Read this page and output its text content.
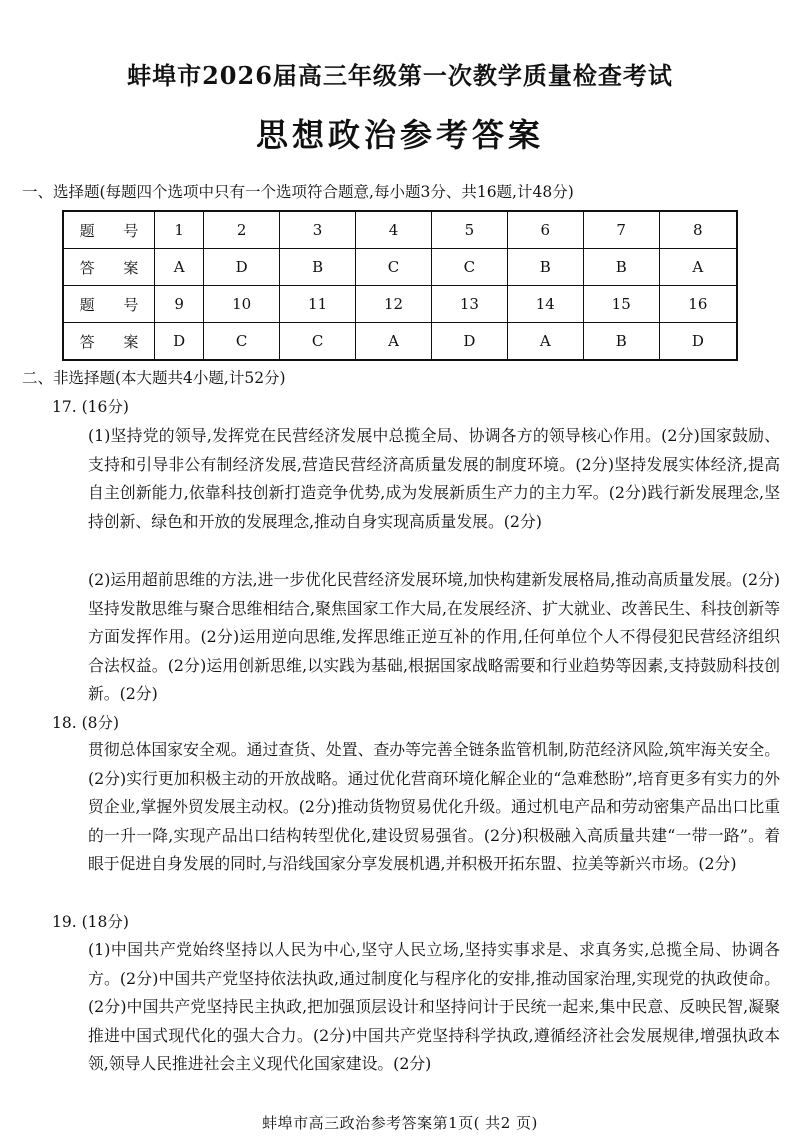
蚌埠市2026届高三年级第一次教学质量检查考试
思想政治参考答案
一、选择题(每题四个选项中只有一个选项符合题意,每小题3分、共16题,计48分)
题 号	1	2	3	4	5	6	7	8
答 案	A	D	B	C	C	B	B	A
题 号	9	10	11	12	13	14	15	16
答 案	D	C	C	A	D	A	B	D
二、非选择题(本大题共4小题,计52分)
17. (16分)
(1)坚持党的领导,发挥党在民营经济发展中总揽全局、协调各方的领导核心作用。(2分)国家鼓励、支持和引导非公有制经济发展,营造民营经济高质量发展的制度环境。(2分)坚持发展实体经济,提高自主创新能力,依靠科技创新打造竞争优势,成为发展新质生产力的主力军。(2分)践行新发展理念,坚持创新、绿色和开放的发展理念,推动自身实现高质量发展。(2分)
(2)运用超前思维的方法,进一步优化民营经济发展环境,加快构建新发展格局,推动高质量发展。(2分)坚持发散思维与聚合思维相结合,聚焦国家工作大局,在发展经济、扩大就业、改善民生、科技创新等方面发挥作用。(2分)运用逆向思维,发挥思维正逆互补的作用,任何单位个人不得侵犯民营经济组织合法权益。(2分)运用创新思维,以实践为基础,根据国家战略需要和行业趋势等因素,支持鼓励科技创新。(2分)
18. (8分)
贯彻总体国家安全观。通过查货、处置、查办等完善全链条监管机制,防范经济风险,筑牢海关安全。(2分)实行更加积极主动的开放战略。通过优化营商环境化解企业的“急难愁盼”,培育更多有实力的外贸企业,掌握外贸发展主动权。(2分)推动货物贸易优化升级。通过机电产品和劳动密集产品出口比重的一升一降,实现产品出口结构转型优化,建设贸易强省。(2分)积极融入高质量共建“一带一路”。着眼于促进自身发展的同时,与沿线国家分享发展机遇,并积极开拓东盟、拉美等新兴市场。(2分)
19. (18分)
(1)中国共产党始终坚持以人民为中心,坚守人民立场,坚持实事求是、求真务实,总揽全局、协调各方。(2分)中国共产党坚持依法执政,通过制度化与程序化的安排,推动国家治理,实现党的执政使命。(2分)中国共产党坚持民主执政,把加强顶层设计和坚持问计于民统一起来,集中民意、反映民智,凝聚推进中国式现代化的强大合力。(2分)中国共产党坚持科学执政,遵循经济社会发展规律,增强执政本领,领导人民推进社会主义现代化国家建设。(2分)
蚌埠市高三政治参考答案第1页( 共2 页)
